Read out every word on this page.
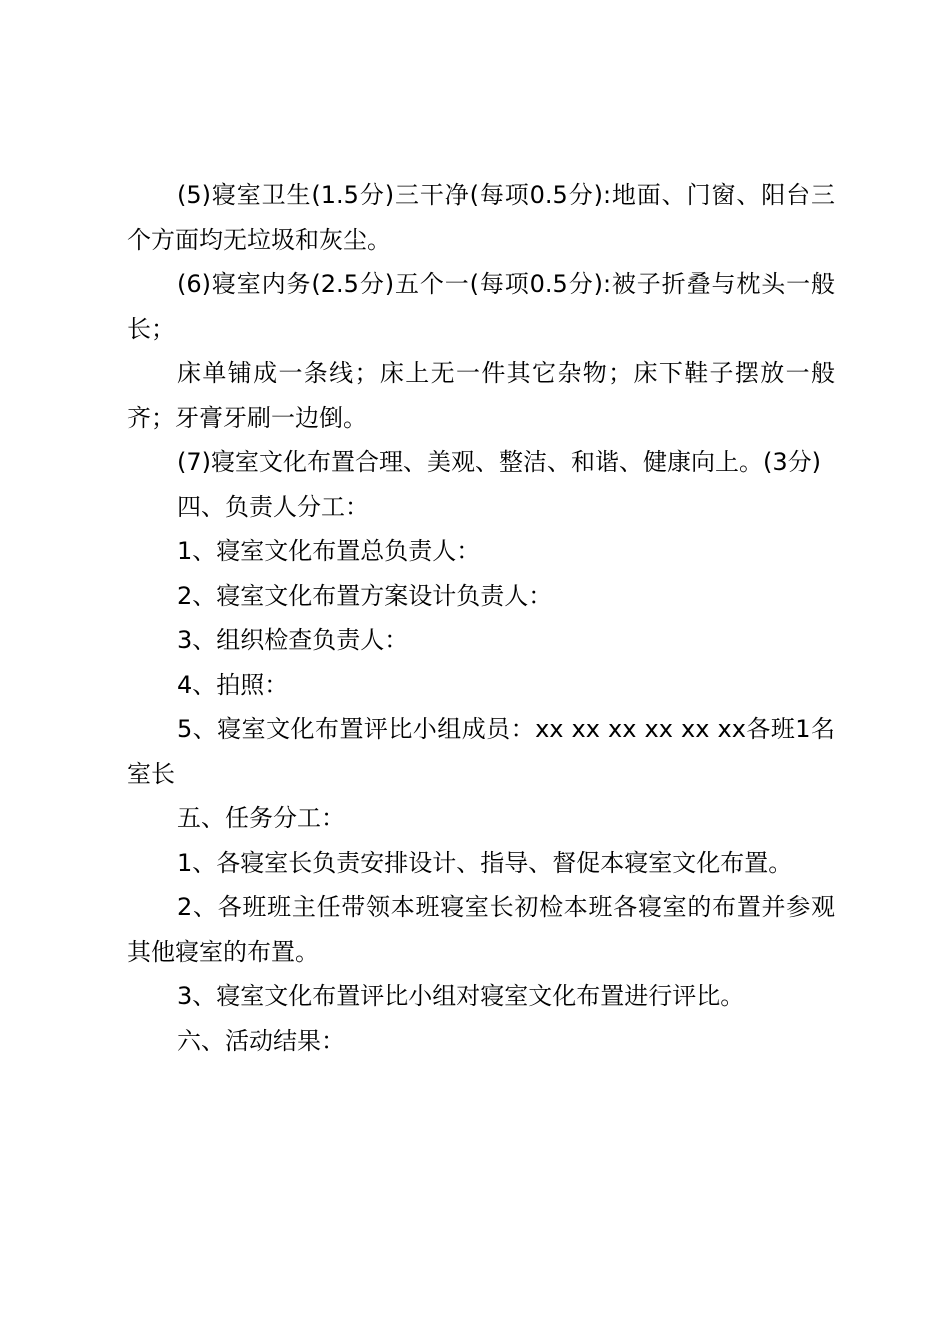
(5)寝室卫生(1.5分)三干净(每项0.5分):地面、门窗、阳台三个方面均无垃圾和灰尘。

(6)寝室内务(2.5分)五个一(每项0.5分):被子折叠与枕头一般长；

床单铺成一条线；床上无一件其它杂物；床下鞋子摆放一般齐；牙膏牙刷一边倒。

(7)寝室文化布置合理、美观、整洁、和谐、健康向上。(3分)

四、负责人分工：

1、寝室文化布置总负责人：

2、寝室文化布置方案设计负责人：

3、组织检查负责人：

4、拍照：

5、寝室文化布置评比小组成员：xx xx xx xx xx xx各班1名室长

五、任务分工：

1、各寝室长负责安排设计、指导、督促本寝室文化布置。

2、各班班主任带领本班寝室长初检本班各寝室的布置并参观其他寝室的布置。

3、寝室文化布置评比小组对寝室文化布置进行评比。

六、活动结果：
